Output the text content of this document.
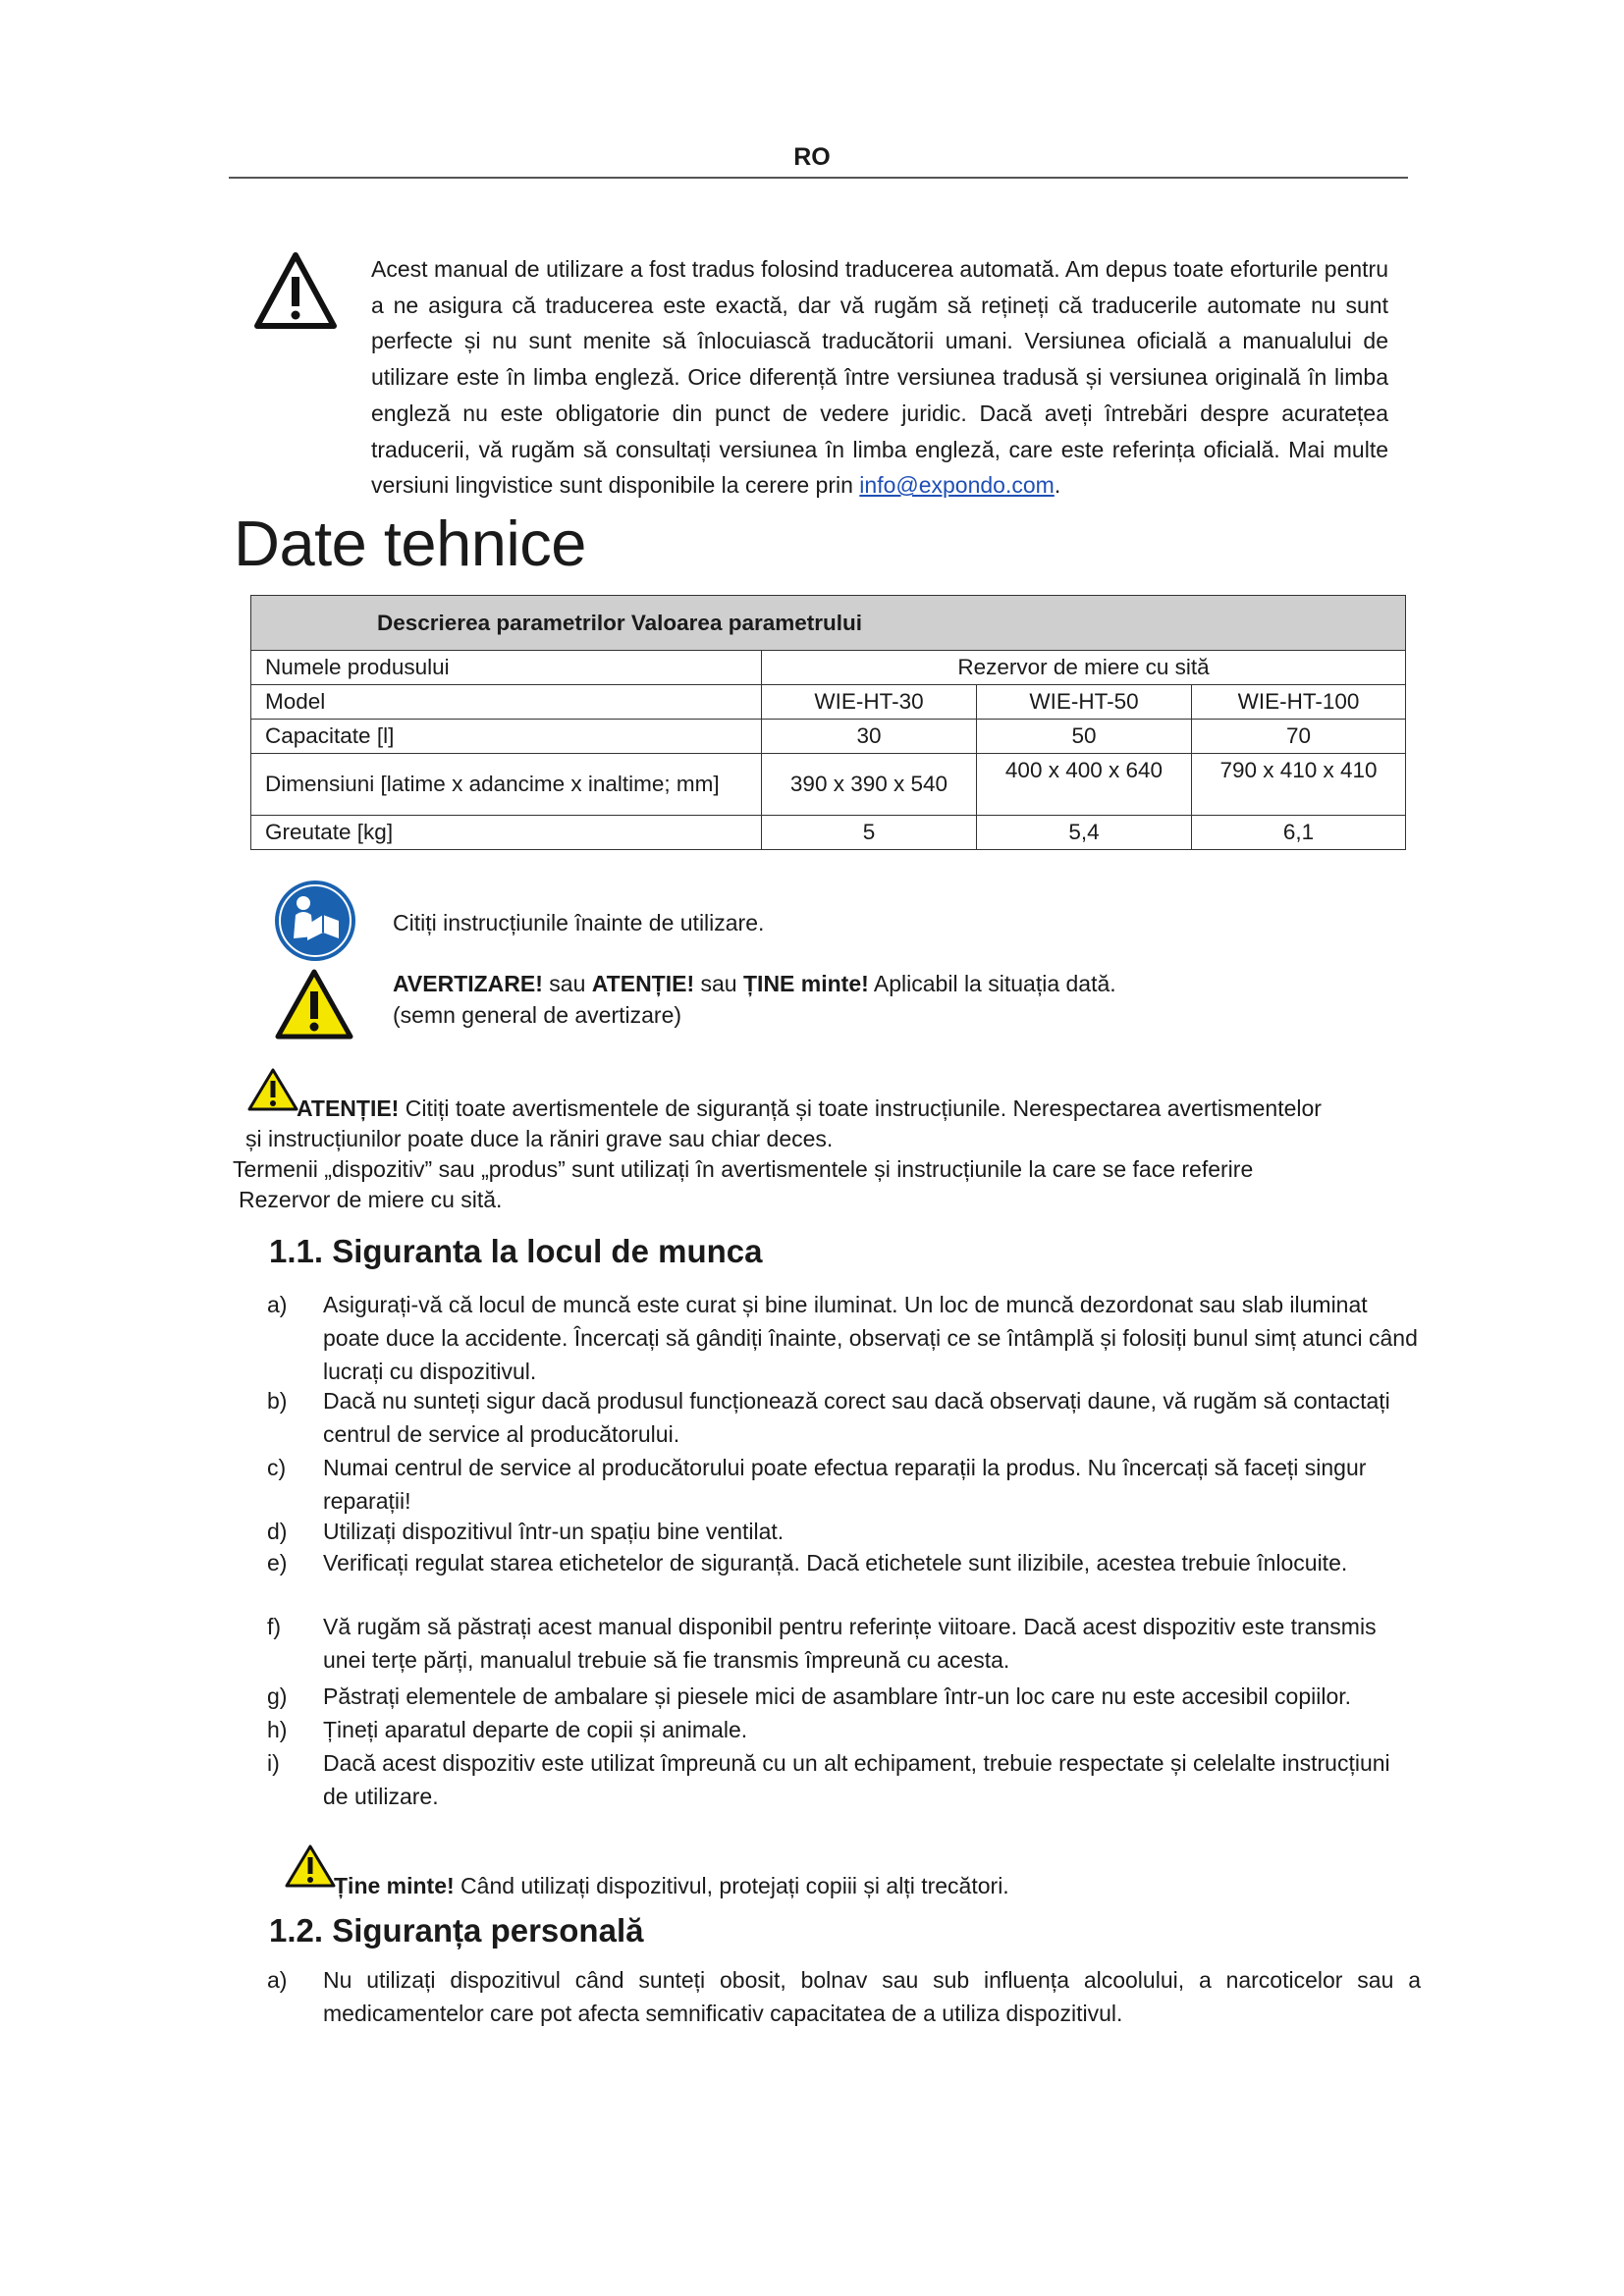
RO
Acest manual de utilizare a fost tradus folosind traducerea automată. Am depus toate eforturile pentru a ne asigura că traducerea este exactă, dar vă rugăm să rețineți că traducerile automate nu sunt perfecte și nu sunt menite să înlocuiască traducătorii umani. Versiunea oficială a manualului de utilizare este în limba engleză. Orice diferență între versiunea tradusă și versiunea originală în limba engleză nu este obligatorie din punct de vedere juridic. Dacă aveți întrebări despre acuratețea traducerii, vă rugăm să consultați versiunea în limba engleză, care este referința oficială. Mai multe versiuni lingvistice sunt disponibile la cerere prin info@expondo.com.
Date tehnice
Descrierea parametrilor Valoarea parametrului			
Numele produsului	Rezervor de miere cu sită		
Model	WIE-HT-30	WIE-HT-50	WIE-HT-100
Capacitate [l]	30	50	70
Dimensiuni [latime x adancime x inaltime; mm]	390 x 390 x 540	400 x 400 x 640	790 x 410 x 410
Greutate [kg]	5	5,4	6,1
Citiți instrucțiunile înainte de utilizare.
AVERTIZARE! sau ATENȚIE! sau ȚINE minte! Aplicabil la situația dată.
(semn general de avertizare)
ATENȚIE! Citiți toate avertismentele de siguranță și toate instrucțiunile. Nerespectarea avertismentelor
și instrucțiunilor poate duce la răniri grave sau chiar deces.
Termenii „dispozitiv” sau „produs” sunt utilizați în avertismentele și instrucțiunile la care se face referire
Rezervor de miere cu sită.
1.1. Siguranta la locul de munca
a) Asigurați-vă că locul de muncă este curat și bine iluminat. Un loc de muncă dezordonat sau slab iluminat poate duce la accidente. Încercați să gândiți înainte, observați ce se întâmplă și folosiți bunul simț atunci când lucrați cu dispozitivul.
b) Dacă nu sunteți sigur dacă produsul funcționează corect sau dacă observați daune, vă rugăm să contactați centrul de service al producătorului.
c) Numai centrul de service al producătorului poate efectua reparații la produs. Nu încercați să faceți singur reparații!
d) Utilizați dispozitivul într-un spațiu bine ventilat.
e) Verificați regulat starea etichetelor de siguranță. Dacă etichetele sunt ilizibile, acestea trebuie înlocuite.
f) Vă rugăm să păstrați acest manual disponibil pentru referințe viitoare. Dacă acest dispozitiv este transmis unei terțe părți, manualul trebuie să fie transmis împreună cu acesta.
g) Păstrați elementele de ambalare și piesele mici de asamblare într-un loc care nu este accesibil copiilor.
h) Țineți aparatul departe de copii și animale.
i) Dacă acest dispozitiv este utilizat împreună cu un alt echipament, trebuie respectate și celelalte instrucțiuni de utilizare.
Ține minte! Când utilizați dispozitivul, protejați copiii și alți trecători.
1.2. Siguranța personală
a) Nu utilizați dispozitivul când sunteți obosit, bolnav sau sub influența alcoolului, a narcoticelor sau a medicamentelor care pot afecta semnificativ capacitatea de a utiliza dispozitivul.
